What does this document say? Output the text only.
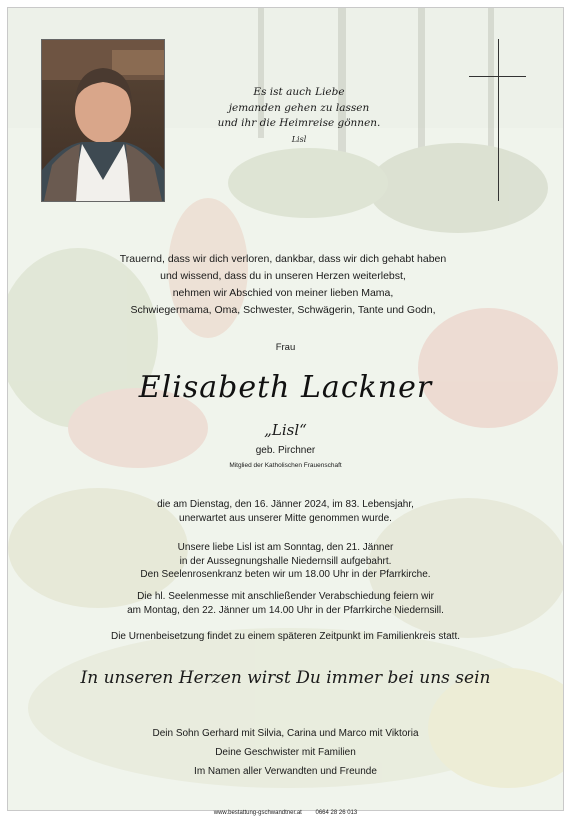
Es ist auch Liebe
jemanden gehen zu lassen
und ihr die Heimreise gönnen.
Lisl
Trauernd, dass wir dich verloren, dankbar, dass wir dich gehabt haben
und wissend, dass du in unseren Herzen weiterlebst,
nehmen wir Abschied von meiner lieben Mama,
Schwiegermama, Oma, Schwester, Schwägerin, Tante und Godn,
Frau
Elisabeth Lackner
„Lisl“
geb. Pirchner
Mitglied der Katholischen Frauenschaft
die am Dienstag, den 16. Jänner 2024, im 83. Lebensjahr,
unerwartet aus unserer Mitte genommen wurde.
Unsere liebe Lisl ist am Sonntag, den 21. Jänner
in der Aussegnungshalle Niedernsill aufgebahrt.
Den Seelenrosenkranz beten wir um 18.00 Uhr in der Pfarrkirche.
Die hl. Seelenmesse mit anschließender Verabschiedung feiern wir
am Montag, den 22. Jänner um 14.00 Uhr in der Pfarrkirche Niedernsill.
Die Urnenbeisetzung findet zu einem späteren Zeitpunkt im Familienkreis statt.
In unseren Herzen wirst Du immer bei uns sein
Dein Sohn Gerhard mit Silvia, Carina und Marco mit Viktoria
Deine Geschwister mit Familien
Im Namen aller Verwandten und Freunde
www.bestattung-gschwandtner.at 0664 28 26 013
